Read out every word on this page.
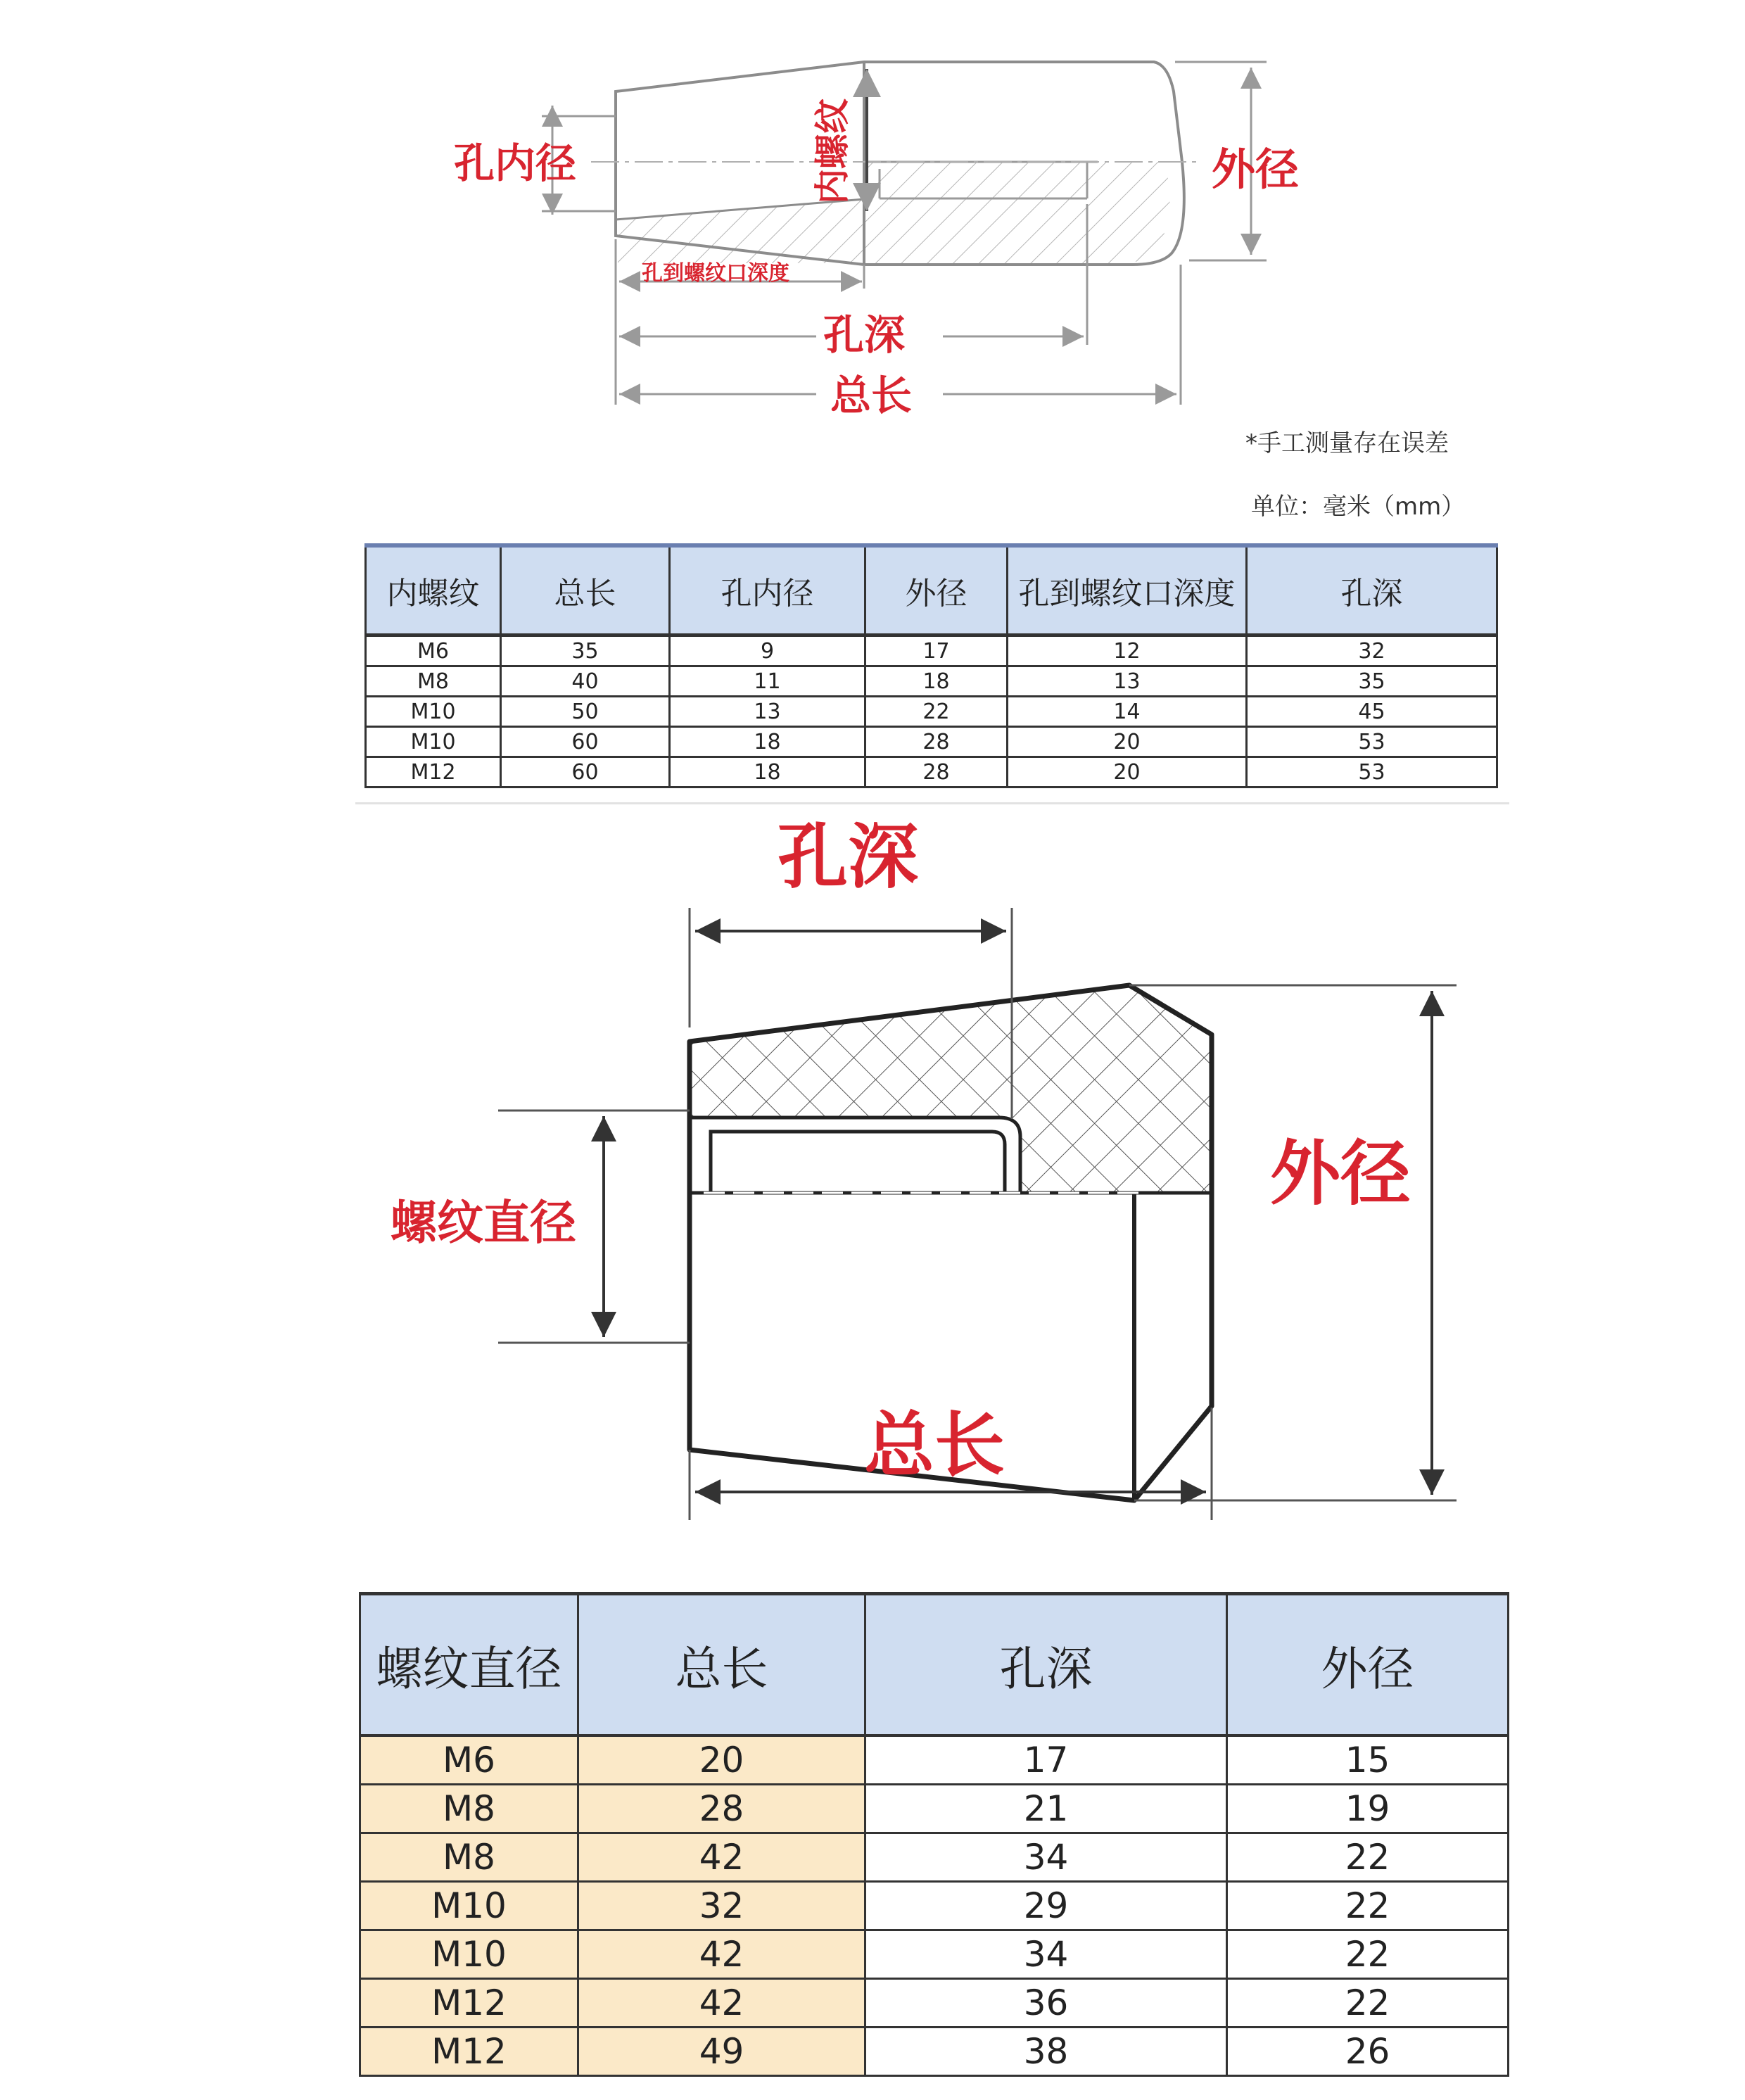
孔内径	内螺纹	外径
孔到螺纹口深度
孔深
总长
*手工测量存在误差
单位：毫米（mm）
内螺纹	总长	孔内径	外径	孔到螺纹口深度	孔深
M6	35	9	17	12	32
M8	40	11	18	13	35
M10	50	13	22	14	45
M10	60	18	28	20	53
M12	60	18	28	20	53
孔深
螺纹直径
外径
总长
螺纹直径	总长	孔深	外径
M6	20	17	15
M8	28	21	19
M8	42	34	22
M10	32	29	22
M10	42	34	22
M12	42	36	22
M12	49	38	26
